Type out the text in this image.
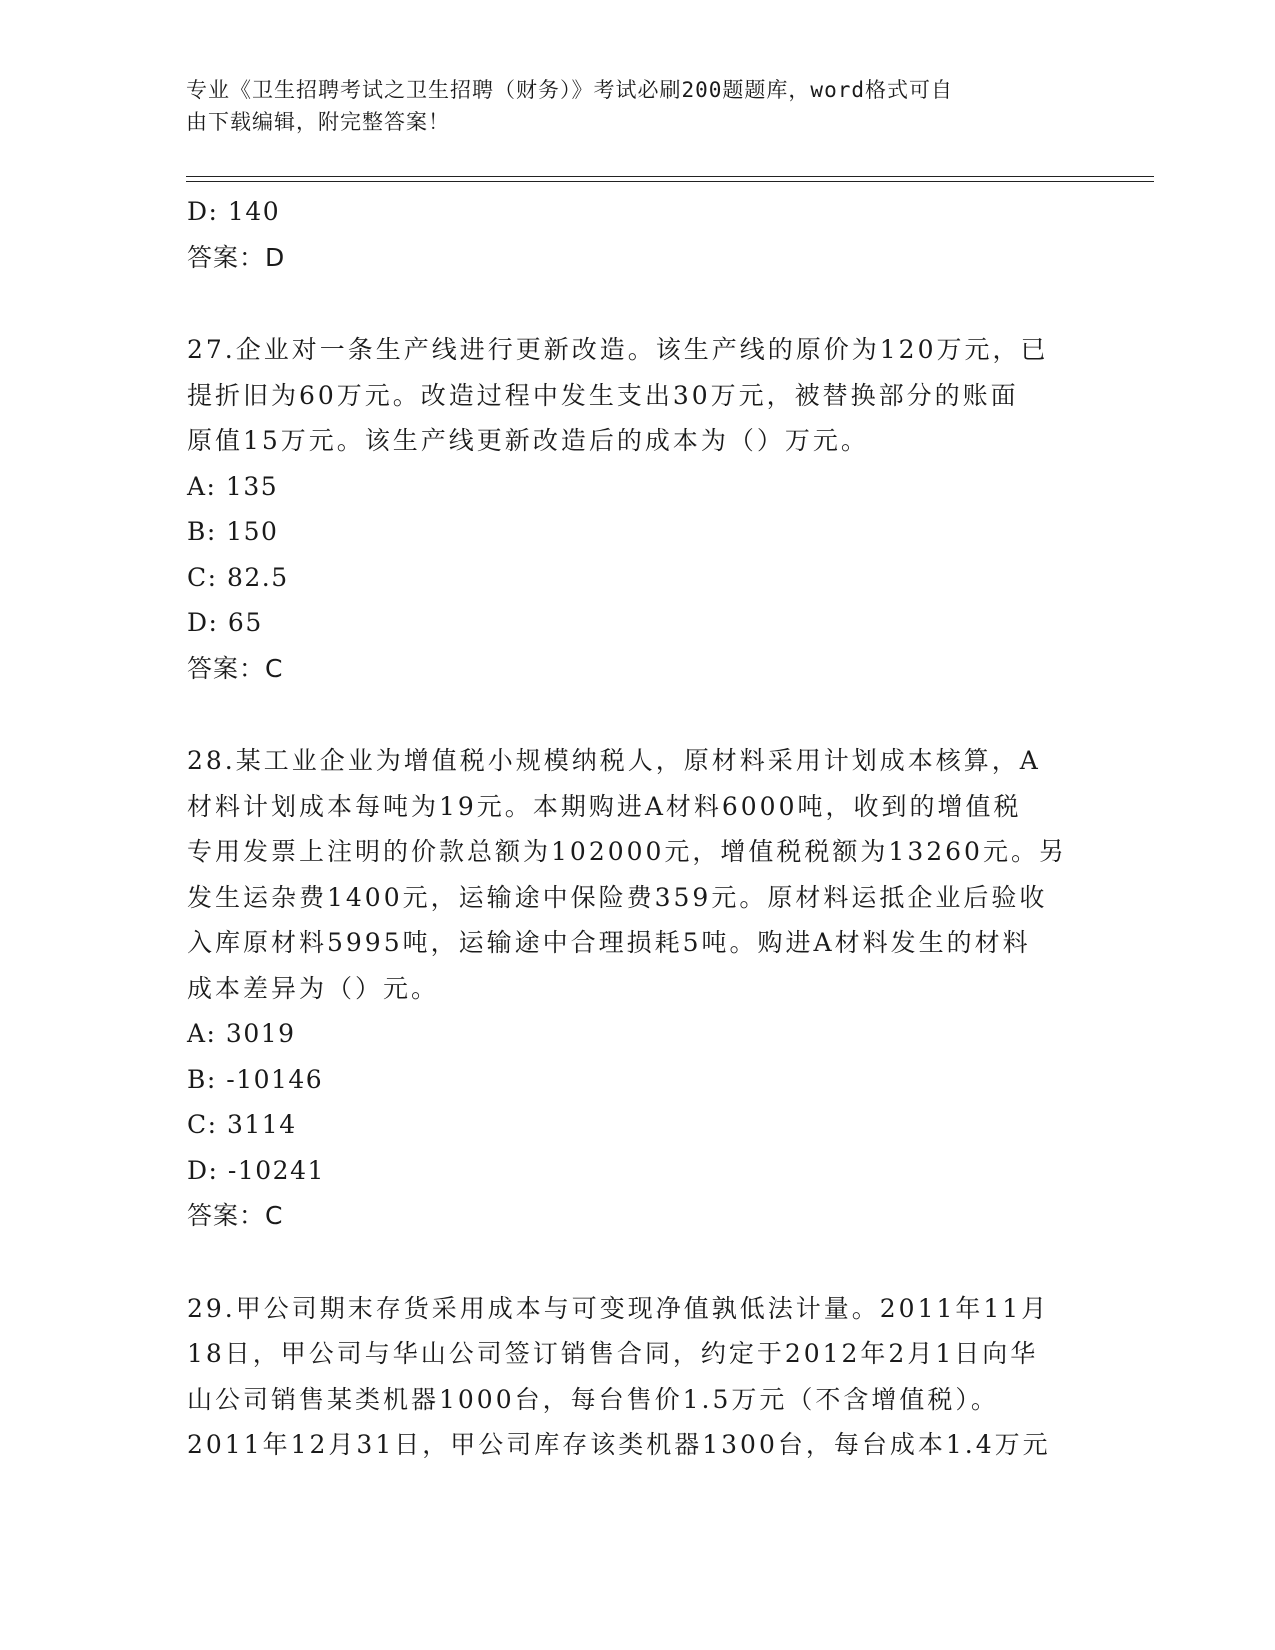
专业《卫生招聘考试之卫生招聘（财务）》考试必刷200题题库，word格式可自
由下载编辑，附完整答案！
D: 140
答案：D
27.企业对一条生产线进行更新改造。该生产线的原价为120万元，已
提折旧为60万元。改造过程中发生支出30万元，被替换部分的账面
原值15万元。该生产线更新改造后的成本为（）万元。
A: 135
B: 150
C: 82.5
D: 65
答案：C
28.某工业企业为增值税小规模纳税人，原材料采用计划成本核算，A
材料计划成本每吨为19元。本期购进A材料6000吨，收到的增值税
专用发票上注明的价款总额为102000元，增值税税额为13260元。另
发生运杂费1400元，运输途中保险费359元。原材料运抵企业后验收
入库原材料5995吨，运输途中合理损耗5吨。购进A材料发生的材料
成本差异为（）元。
A: 3019
B: -10146
C: 3114
D: -10241
答案：C
29.甲公司期末存货采用成本与可变现净值孰低法计量。2011年11月
18日，甲公司与华山公司签订销售合同，约定于2012年2月1日向华
山公司销售某类机器1000台，每台售价1.5万元（不含增值税）。
2011年12月31日，甲公司库存该类机器1300台，每台成本1.4万元
